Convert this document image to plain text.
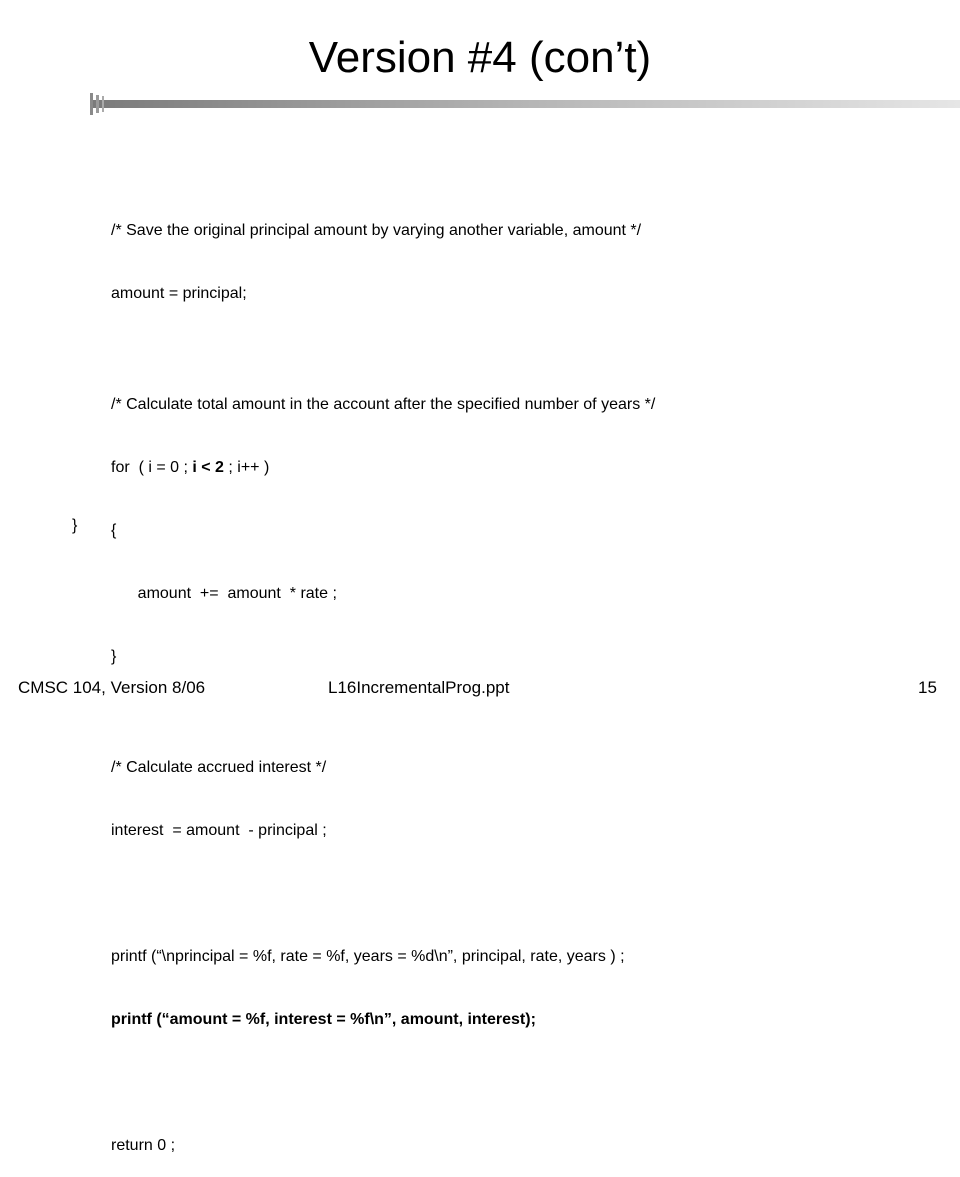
Version #4 (con’t)

/* Save the original principal amount by varying another variable, amount */

amount = principal;

/* Calculate total amount in the account after the specified number of years */

for  ( i = 0 ; i < 2 ; i++ )

{

amount  +=  amount  * rate ;

}

/* Calculate accrued interest */

interest  = amount  - principal ;

printf (“\nprincipal = %f, rate = %f, years = %d\n”, principal, rate, years ) ;

printf (“amount = %f, interest = %f\n”, amount, interest);

return 0 ;

}
CMSC 104, Version 8/06	L16IncrementalProg.ppt	15
